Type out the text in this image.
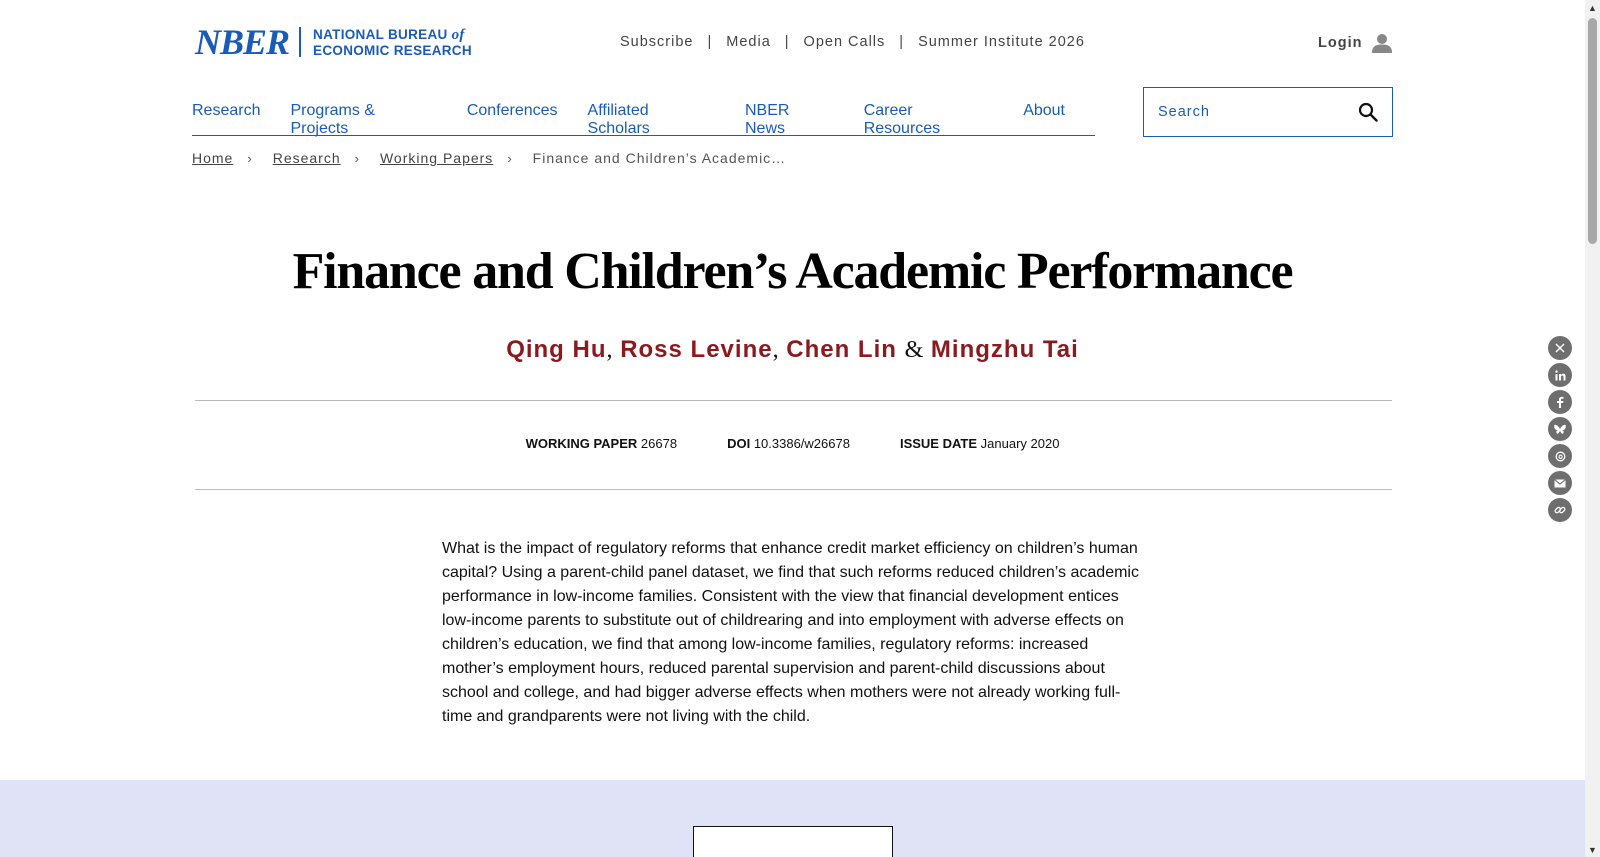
NBER NATIONAL BUREAU of
ECONOMIC RESEARCH	Subscribe | Media | Open Calls | Summer Institute 2026	Login
Research Programs & Projects
Conferences Affiliated Scholars
NBER News
Career Resources
About
Search
Home › Research › Working Papers › Finance and Children’s Academic…
Finance and Children’s Academic Performance
Qing Hu, Ross Levine, Chen Lin & Mingzhu Tai
WORKING PAPER 26678	DOI 10.3386/w26678	ISSUE DATE January 2020

What is the impact of regulatory reforms that enhance credit market efficiency on children’s human capital? Using a parent-child panel dataset, we find that such reforms reduced children’s academic performance in low-income families. Consistent with the view that financial development entices low-income parents to substitute out of childrearing and into employment with adverse effects on children’s education, we find that among low-income families, regulatory reforms: increased mother’s employment hours, reduced parental supervision and parent-child discussions about school and college, and had bigger adverse effects when mothers were not already working full-time and grandparents were not living with the child.

▲
▼
